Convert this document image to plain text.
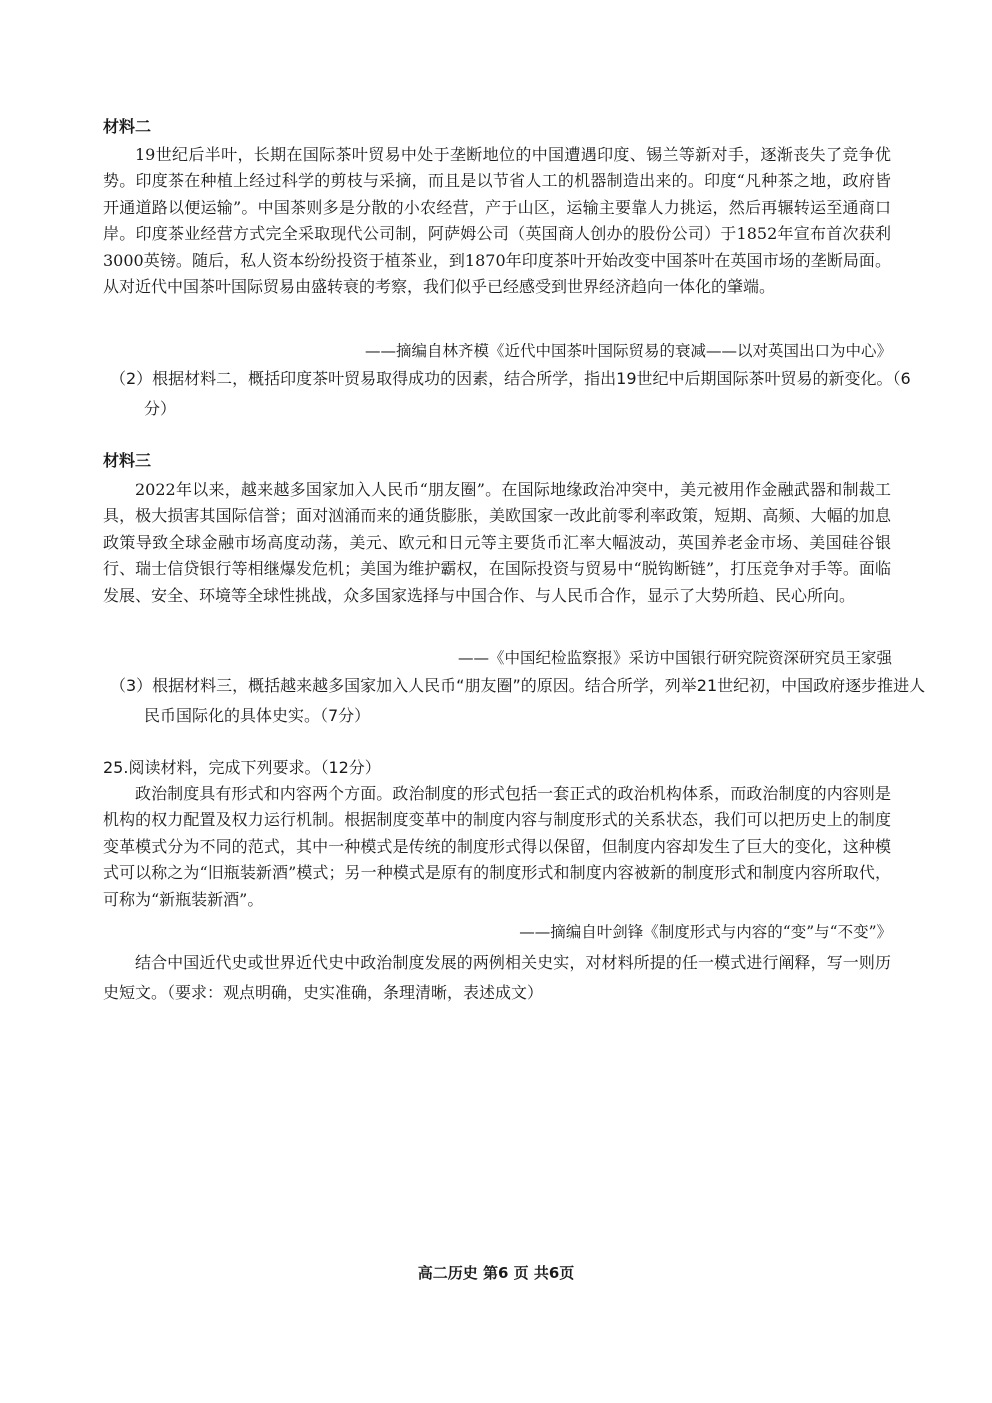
材料二

19世纪后半叶，长期在国际茶叶贸易中处于垄断地位的中国遭遇印度、锡兰等新对手，逐渐丧失了竞争优势。印度茶在种植上经过科学的剪枝与采摘，而且是以节省人工的机器制造出来的。印度“凡种茶之地，政府皆开通道路以便运输”。中国茶则多是分散的小农经营，产于山区，运输主要靠人力挑运，然后再辗转运至通商口岸。印度茶业经营方式完全采取现代公司制，阿萨姆公司（英国商人创办的股份公司）于1852年宣布首次获利3000英镑。随后，私人资本纷纷投资于植茶业，到1870年印度茶叶开始改变中国茶叶在英国市场的垄断局面。从对近代中国茶叶国际贸易由盛转衰的考察，我们似乎已经感受到世界经济趋向一体化的肇端。

——摘编自林齐模《近代中国茶叶国际贸易的衰减——以对英国出口为中心》

（2）根据材料二，概括印度茶叶贸易取得成功的因素，结合所学，指出19世纪中后期国际茶叶贸易的新变化。（6分）

材料三

2022年以来，越来越多国家加入人民币“朋友圈”。在国际地缘政治冲突中，美元被用作金融武器和制裁工具，极大损害其国际信誉；面对汹涌而来的通货膨胀，美欧国家一改此前零利率政策，短期、高频、大幅的加息政策导致全球金融市场高度动荡，美元、欧元和日元等主要货币汇率大幅波动，英国养老金市场、美国硅谷银行、瑞士信贷银行等相继爆发危机；美国为维护霸权，在国际投资与贸易中“脱钩断链”，打压竞争对手等。面临发展、安全、环境等全球性挑战，众多国家选择与中国合作、与人民币合作，显示了大势所趋、民心所向。

——《中国纪检监察报》采访中国银行研究院资深研究员王家强

（3）根据材料三，概括越来越多国家加入人民币“朋友圈”的原因。结合所学，列举21世纪初，中国政府逐步推进人民币国际化的具体史实。（7分）

25.阅读材料，完成下列要求。（12分）

政治制度具有形式和内容两个方面。政治制度的形式包括一套正式的政治机构体系，而政治制度的内容则是机构的权力配置及权力运行机制。根据制度变革中的制度内容与制度形式的关系状态，我们可以把历史上的制度变革模式分为不同的范式，其中一种模式是传统的制度形式得以保留，但制度内容却发生了巨大的变化，这种模式可以称之为“旧瓶装新酒”模式；另一种模式是原有的制度形式和制度内容被新的制度形式和制度内容所取代，可称为“新瓶装新酒”。

——摘编自叶剑锋《制度形式与内容的“变”与“不变”》

结合中国近代史或世界近代史中政治制度发展的两例相关史实，对材料所提的任一模式进行阐释，写一则历史短文。（要求：观点明确，史实准确，条理清晰，表述成文）

高二历史 第6 页 共6页
